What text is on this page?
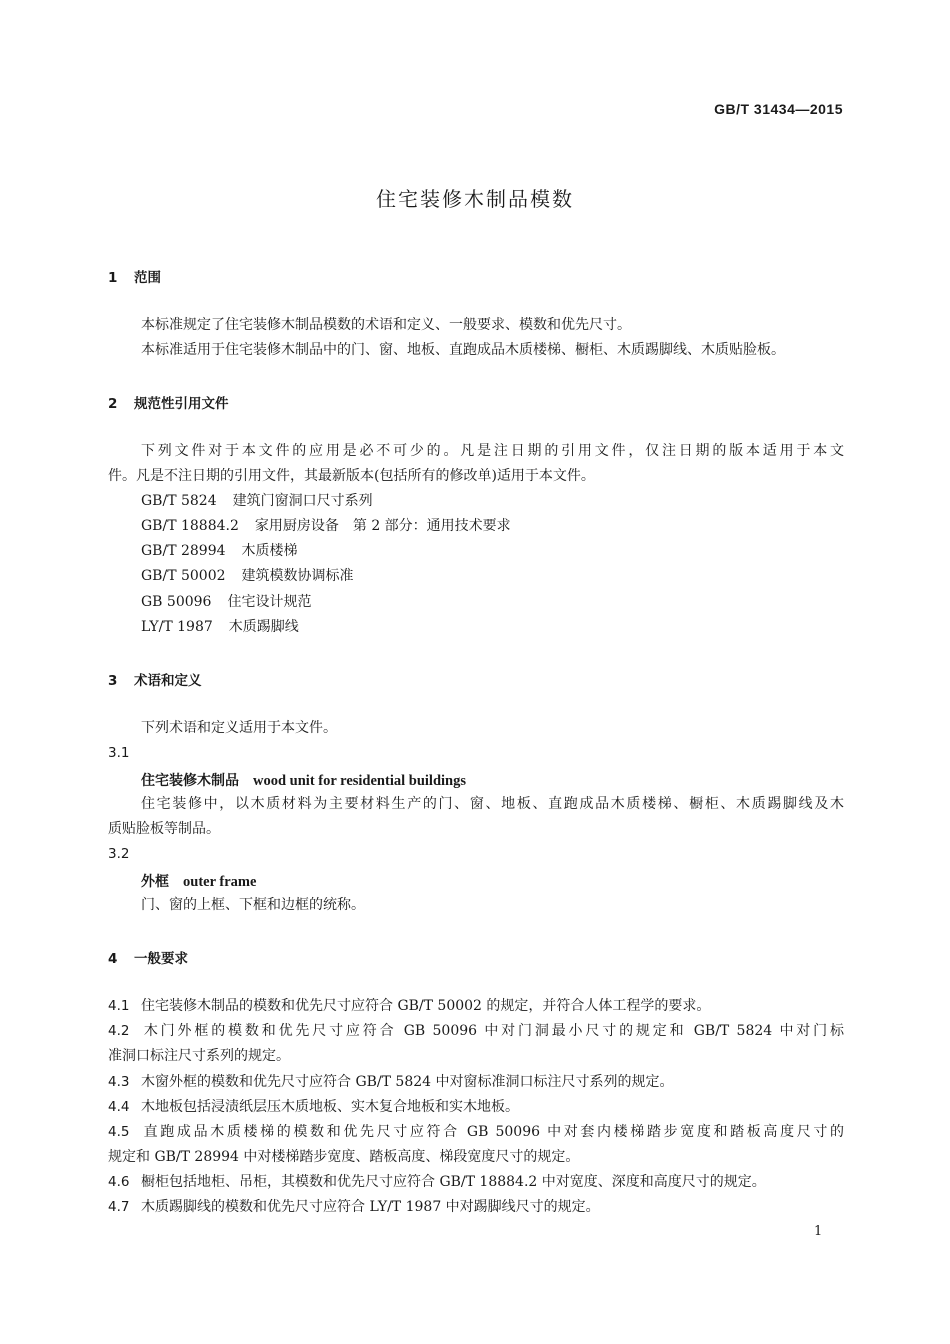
GB/T 31434—2015
住宅装修木制品模数
1 范围
本标准规定了住宅装修木制品模数的术语和定义、一般要求、模数和优先尺寸。
本标准适用于住宅装修木制品中的门、窗、地板、直跑成品木质楼梯、橱柜、木质踢脚线、木质贴脸板。
2 规范性引用文件
下列文件对于本文件的应用是必不可少的。凡是注日期的引用文件，仅注日期的版本适用于本文
件。凡是不注日期的引用文件，其最新版本(包括所有的修改单)适用于本文件。
GB/T 5824 建筑门窗洞口尺寸系列
GB/T 18884.2 家用厨房设备　第 2 部分：通用技术要求
GB/T 28994 木质楼梯
GB/T 50002 建筑模数协调标准
GB 50096 住宅设计规范
LY/T 1987 木质踢脚线
3 术语和定义
下列术语和定义适用于本文件。
3.1
住宅装修木制品 wood unit for residential buildings
住宅装修中，以木质材料为主要材料生产的门、窗、地板、直跑成品木质楼梯、橱柜、木质踢脚线及木
质贴脸板等制品。
3.2
外框 outer frame
门、窗的上框、下框和边框的统称。
4 一般要求
4.1 住宅装修木制品的模数和优先尺寸应符合 GB/T 50002 的规定，并符合人体工程学的要求。
4.2 木门外框的模数和优先尺寸应符合 GB 50096 中对门洞最小尺寸的规定和 GB/T 5824 中对门标
准洞口标注尺寸系列的规定。
4.3 木窗外框的模数和优先尺寸应符合 GB/T 5824 中对窗标准洞口标注尺寸系列的规定。
4.4 木地板包括浸渍纸层压木质地板、实木复合地板和实木地板。
4.5 直跑成品木质楼梯的模数和优先尺寸应符合 GB 50096 中对套内楼梯踏步宽度和踏板高度尺寸的
规定和 GB/T 28994 中对楼梯踏步宽度、踏板高度、梯段宽度尺寸的规定。
4.6 橱柜包括地柜、吊柜，其模数和优先尺寸应符合 GB/T 18884.2 中对宽度、深度和高度尺寸的规定。
4.7 木质踢脚线的模数和优先尺寸应符合 LY/T 1987 中对踢脚线尺寸的规定。
1
